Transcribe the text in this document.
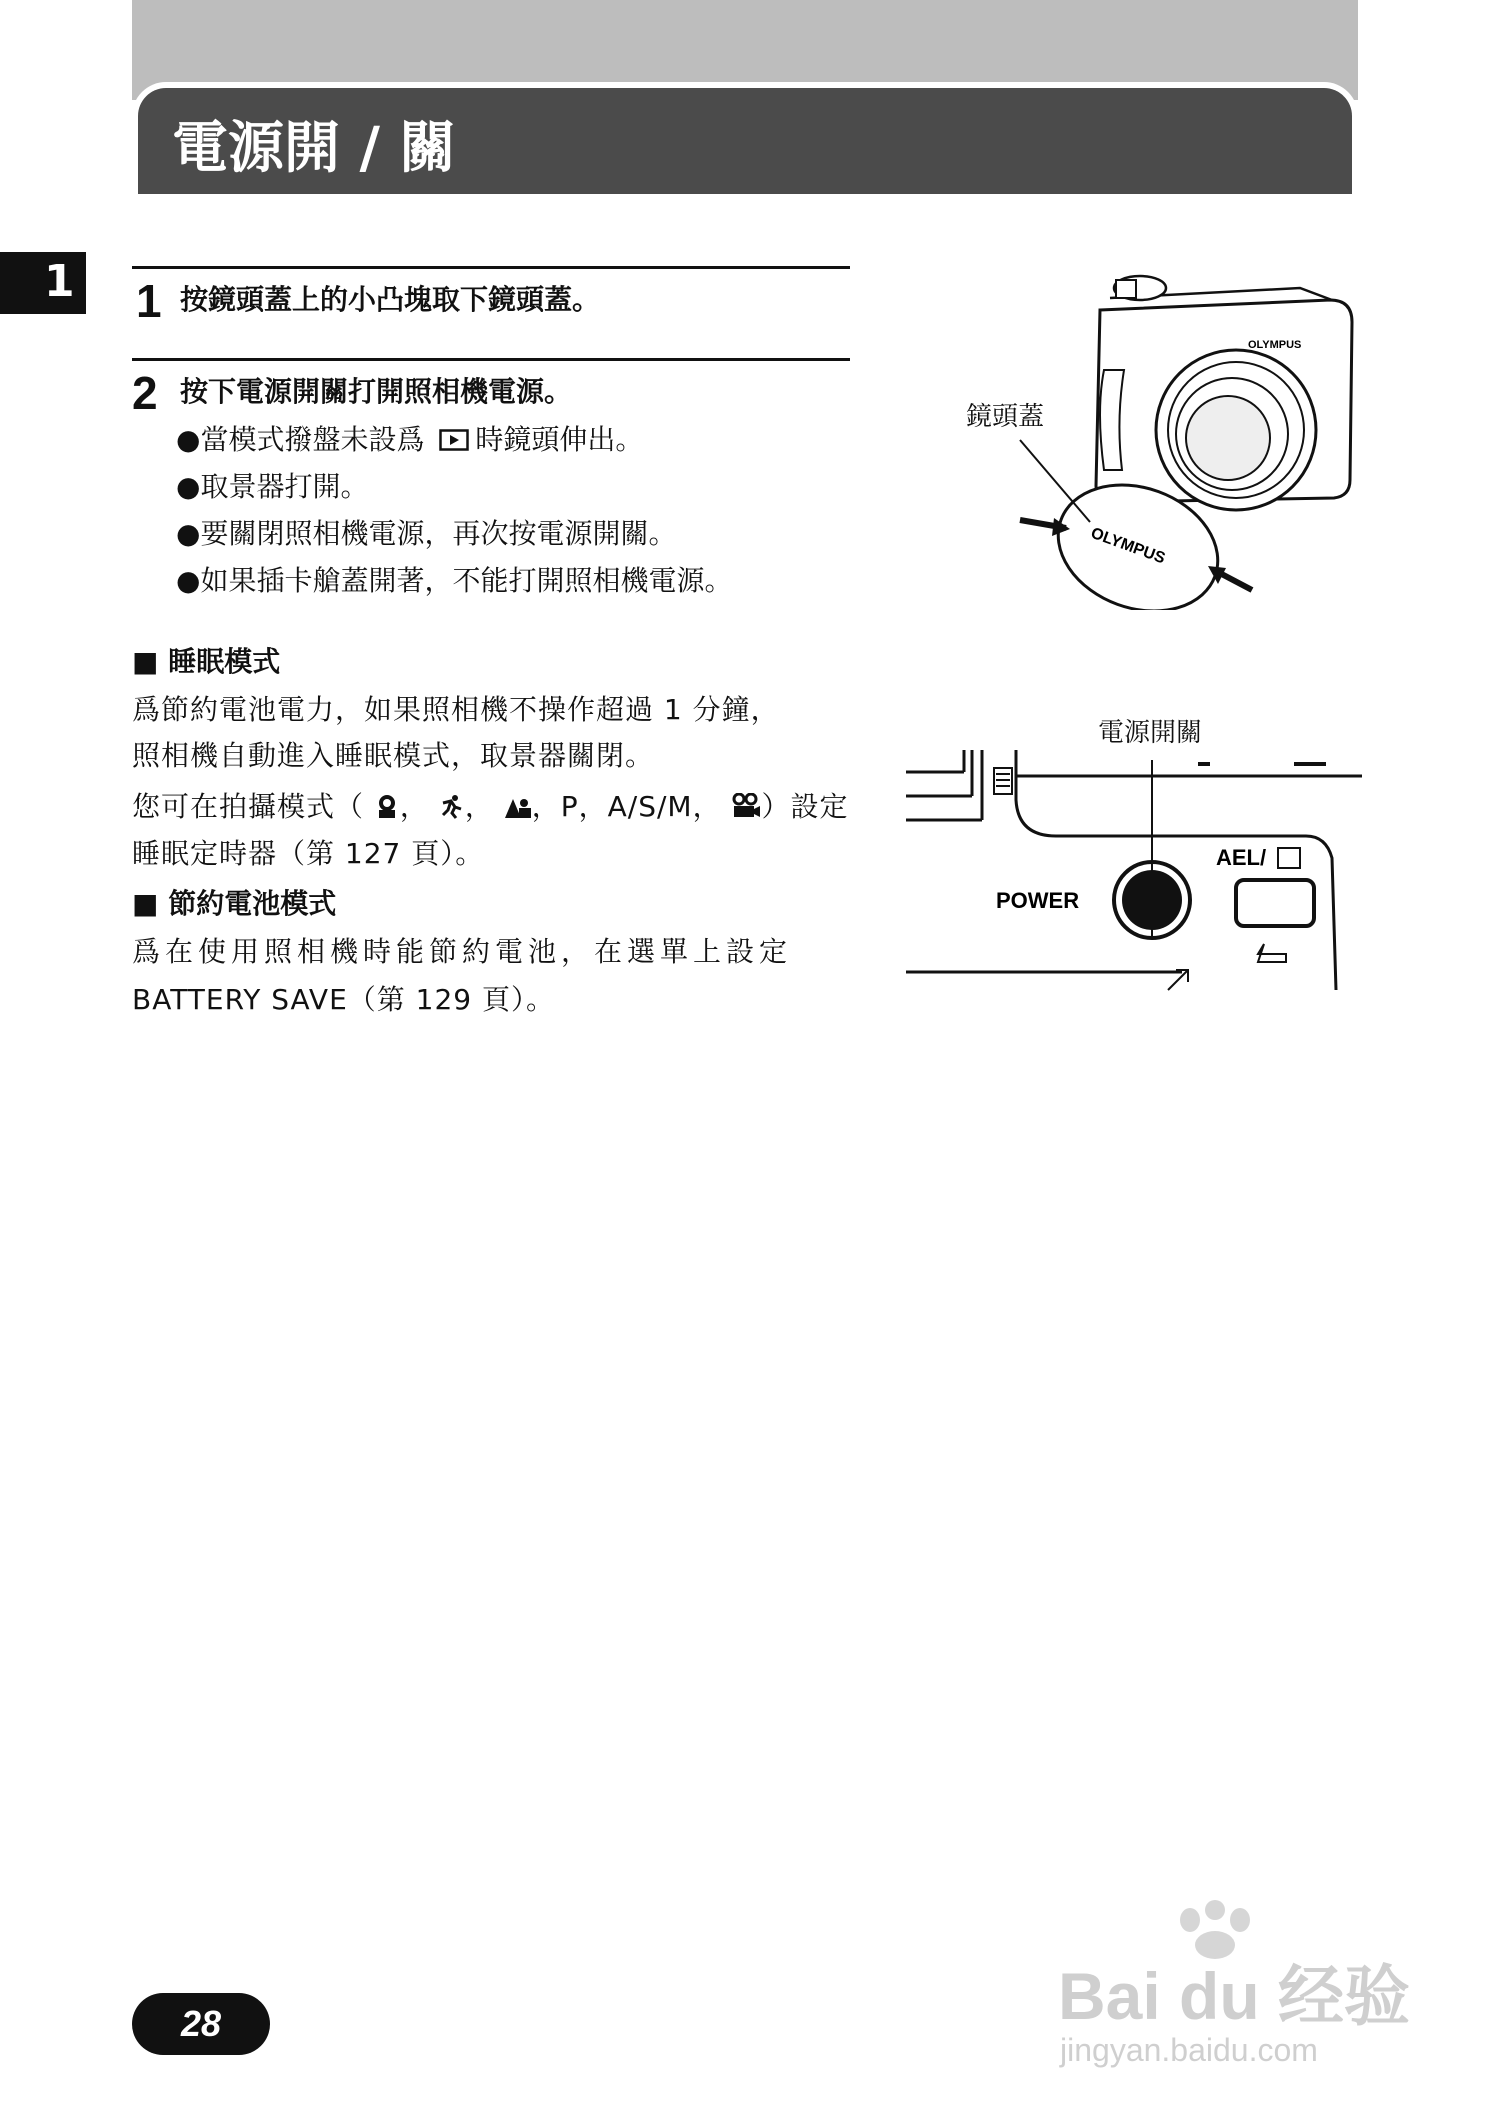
電源開 / 關
1 1 按鏡頭蓋上的小凸塊取下鏡頭蓋。
2 按下電源開關打開照相機電源。
●當模式撥盤未設爲 時鏡頭伸出。
●取景器打開。
●要關閉照相機電源，再次按電源開關。
●如果插卡艙蓋開著，不能打開照相機電源。
■ 睡眠模式
爲節約電池電力，如果照相機不操作超過 1 分鐘，
照相機自動進入睡眠模式，取景器關閉。
您可在拍攝模式（ ， ， ，P，A/S/M， ）設定
睡眠定時器（第 127 頁）。
■ 節約電池模式
爲在使用照相機時能節約電池，在選單上設定
BATTERY SAVE（第 129 頁）。
鏡頭蓋
OLYMPUS
OLYMPUS
電源開關
POWER
AEL/
28	Bai du 经验
jingyan.baidu.com
